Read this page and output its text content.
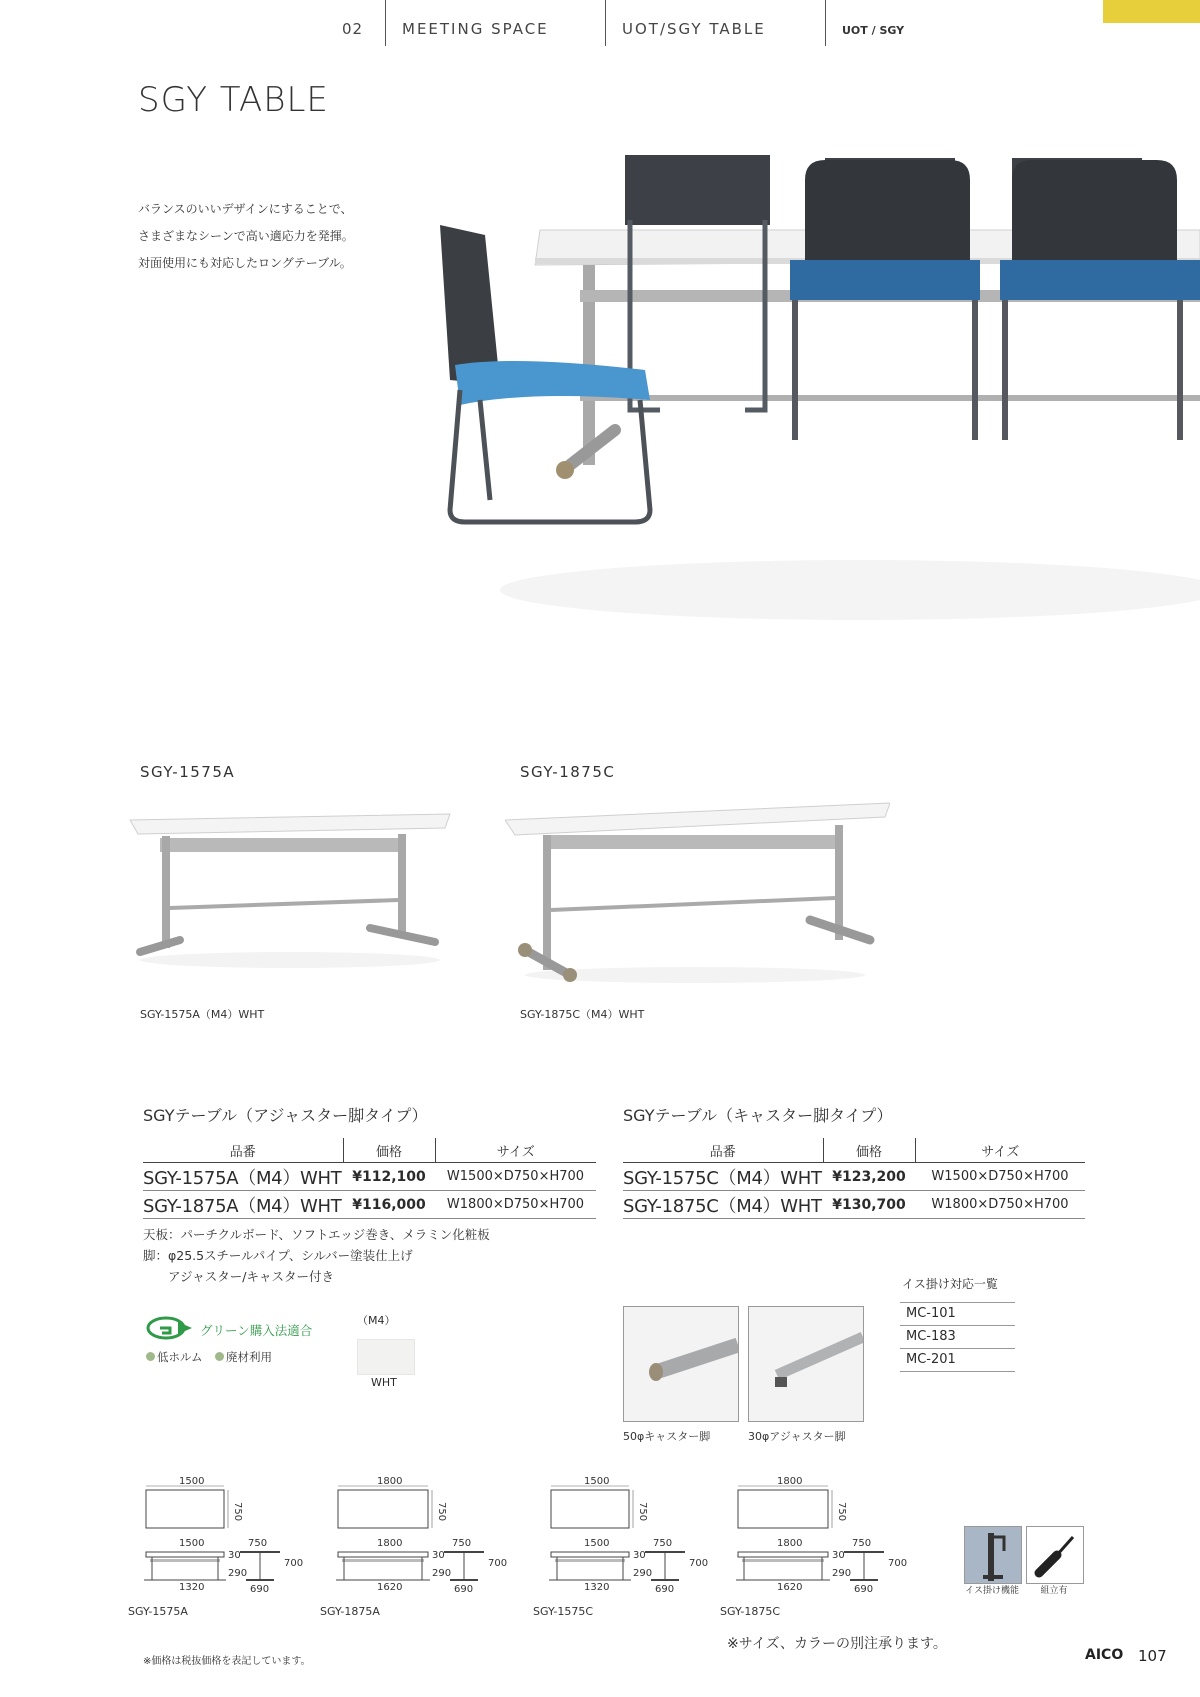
02	MEETING SPACE	UOT/SGY TABLE	UOT / SGY
SGY TABLE
バランスのいいデザインにすることで、
さまざまなシーンで高い適応力を発揮。
対面使用にも対応したロングテーブル。
SGY-1575A	SGY-1875C
SGY-1575A（M4）WHT	SGY-1875C（M4）WHT
SGYテーブル（アジャスター脚タイプ）
品番	価格	サイズ
SGY-1575A（M4）WHT	¥112,100	W1500×D750×H700
SGY-1875A（M4）WHT	¥116,000	W1800×D750×H700
SGYテーブル（キャスター脚タイプ）
品番	価格	サイズ
SGY-1575C（M4）WHT	¥123,200	W1500×D750×H700
SGY-1875C（M4）WHT	¥130,700	W1800×D750×H700
天板：パーチクルボード、ソフトエッジ巻き、メラミン化粧板
脚：φ25.5スチールパイプ、シルバー塗装仕上げ
　　アジャスター/キャスター付き
グリーン購入法適合
低ホルム	廃材利用
（M4）
WHT
50φキャスター脚	30φアジャスター脚
イス掛け対応一覧
MC-101
MC-183
MC-201
1500
750
1500
30
290
1320
750
700
690
SGY-1575A
1800
750
1800
30
290
1620
750
700
690
SGY-1875A
1500
750
1500
30
290
1320
750
700
690
SGY-1575C
1800
750
1800
30
290
1620
750
700
690
SGY-1875C
イス掛け機能	組立有
※サイズ、カラーの別注承ります。
※価格は税抜価格を表記しています。	AICO 107
